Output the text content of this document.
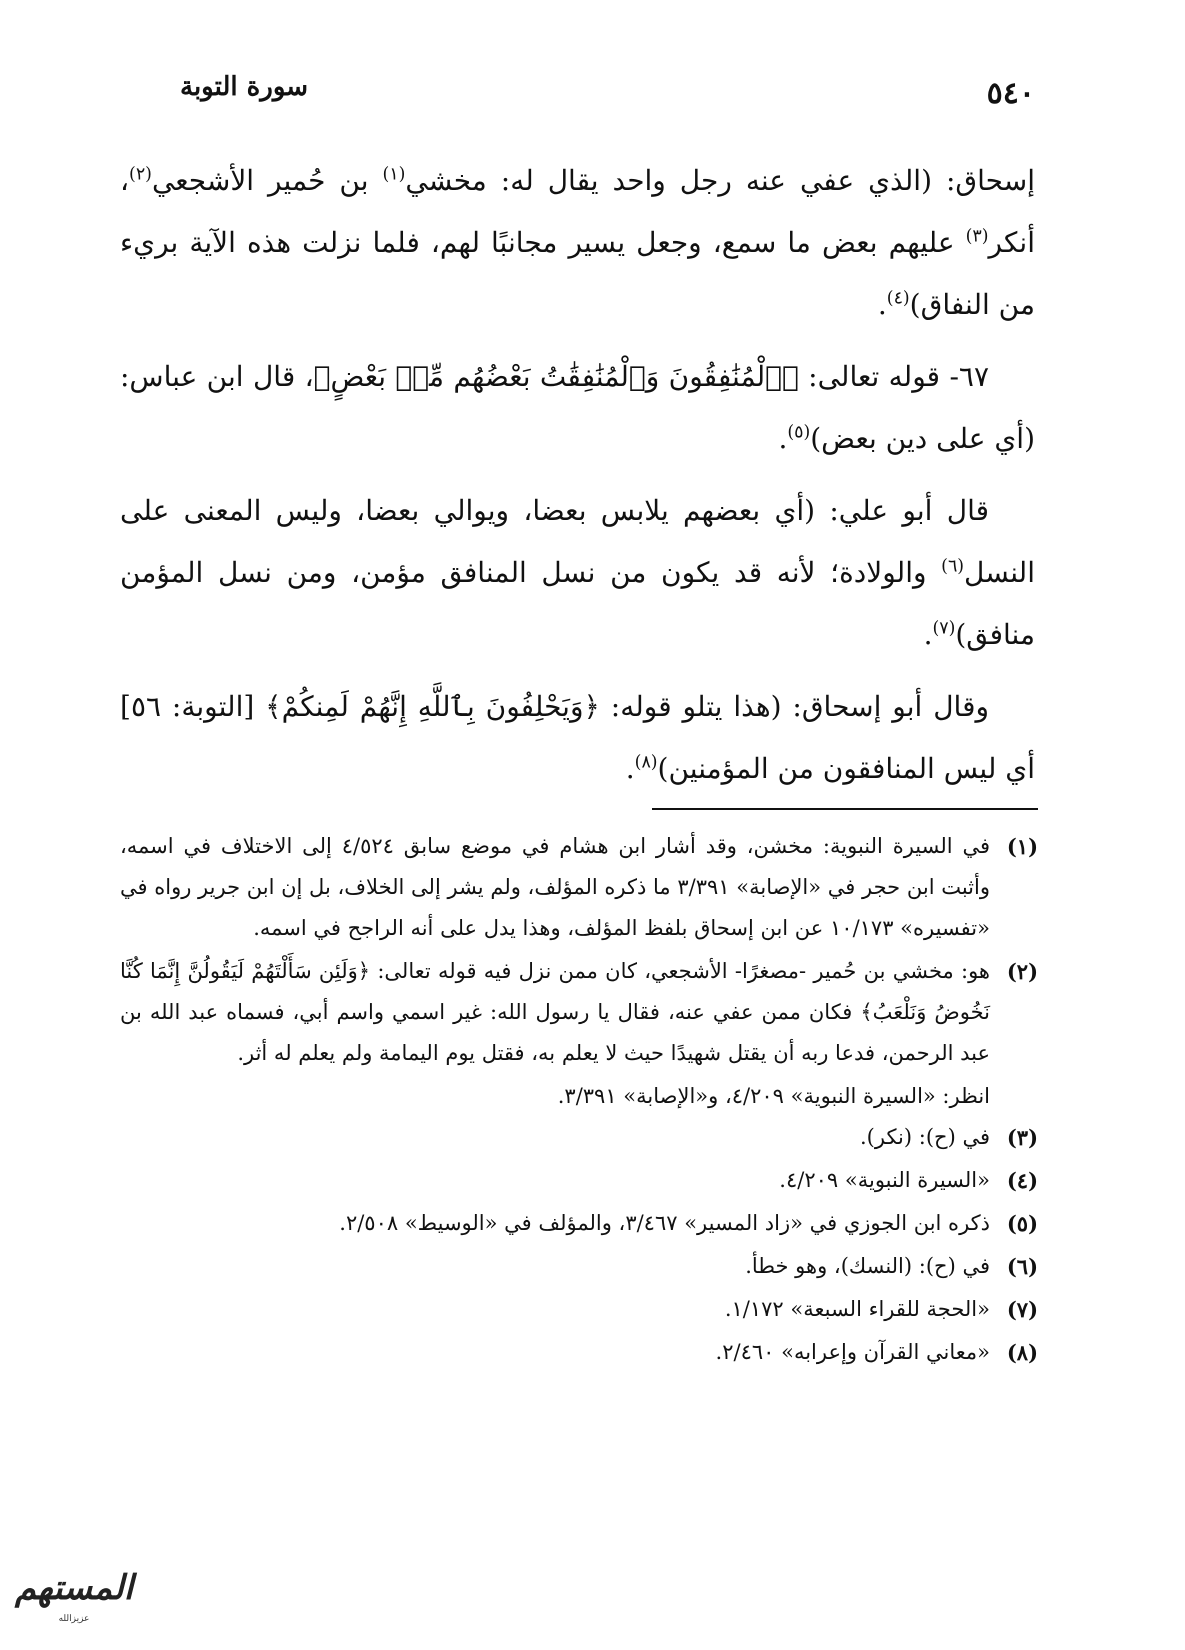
سورة التوبة	٥٤٠

إسحاق: (الذي عفي عنه رجل واحد يقال له: مخشي$^{(١)}$ بن حُمير الأشجعي$^{(٢)}$، أنكر$^{(٣)}$ عليهم بعض ما سمع، وجعل يسير مجانبًا لهم، فلما نزلت هذه الآية بريء من النفاق)$^{(٤)}$.

٦٧- قوله تعالى: ﴿ٱلْمُنَٰفِقُونَ وَٱلْمُنَٰفِقَٰتُ بَعْضُهُم مِّنۢ بَعْضٍ﴾، قال ابن عباس: (أي على دين بعض)$^{(٥)}$.

قال أبو علي: (أي بعضهم يلابس بعضا، ويوالي بعضا، وليس المعنى على النسل$^{(٦)}$ والولادة؛ لأنه قد يكون من نسل المنافق مؤمن، ومن نسل المؤمن منافق)$^{(٧)}$.

وقال أبو إسحاق: (هذا يتلو قوله: ﴿وَيَحْلِفُونَ بِٱللَّهِ إِنَّهُمْ لَمِنكُمْ﴾ [التوبة: ٥٦] أي ليس المنافقون من المؤمنين)$^{(٨)}$.

(١)
في السيرة النبوية: مخشن، وقد أشار ابن هشام في موضع سابق ٤/٥٢٤ إلى الاختلاف في اسمه، وأثبت ابن حجر في «الإصابة» ٣/٣٩١ ما ذكره المؤلف، ولم يشر إلى الخلاف، بل إن ابن جرير رواه في «تفسيره» ١٠/١٧٣ عن ابن إسحاق بلفظ المؤلف، وهذا يدل على أنه الراجح في اسمه.
(٢)
هو: مخشي بن حُمير -مصغرًا- الأشجعي، كان ممن نزل فيه قوله تعالى: ﴿وَلَئِن سَأَلْتَهُمْ لَيَقُولُنَّ إِنَّمَا كُنَّا نَخُوضُ وَنَلْعَبُ﴾ فكان ممن عفي عنه، فقال يا رسول الله: غير اسمي واسم أبي، فسماه عبد الله بن عبد الرحمن، فدعا ربه أن يقتل شهيدًا حيث لا يعلم به، فقتل يوم اليمامة ولم يعلم له أثر.
انظر: «السيرة النبوية» ٤/٢٠٩، و«الإصابة» ٣/٣٩١.
(٣)
في (ح): (نكر).
(٤)
«السيرة النبوية» ٤/٢٠٩.
(٥)
ذكره ابن الجوزي في «زاد المسير» ٣/٤٦٧، والمؤلف في «الوسيط» ٢/٥٠٨.
(٦)
في (ح): (النسك)، وهو خطأ.
(٧)
«الحجة للقراء السبعة» ١/١٧٢.
(٨)
«معاني القرآن وإعرابه» ٢/٤٦٠.
المستهم
عزيزالله
